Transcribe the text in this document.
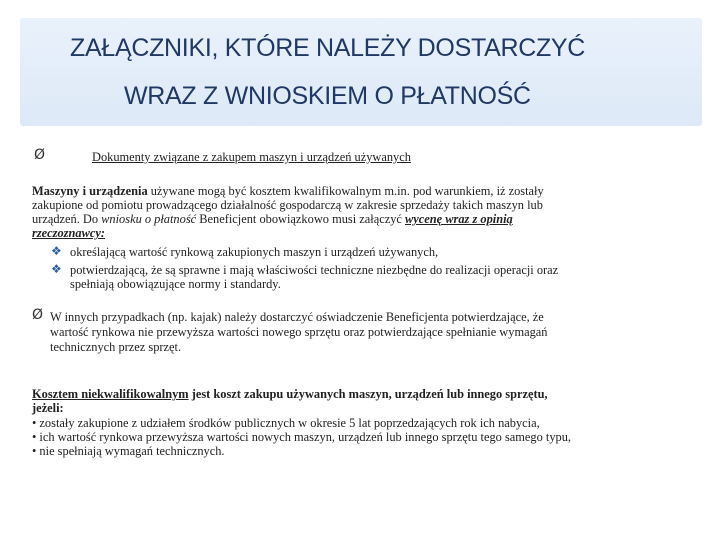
ZAŁĄCZNIKI, KTÓRE NALEŻY DOSTARCZYĆ
WRAZ Z WNIOSKIEM O PŁATNOŚĆ
Ø	Dokumenty związane z zakupem maszyn i urządzeń używanych
Maszyny i urządzenia używane mogą być kosztem kwalifikowalnym m.in. pod warunkiem, iż zostały
zakupione od pomiotu prowadzącego działalność gospodarczą w zakresie sprzedaży takich maszyn lub
urządzeń. Do wniosku o płatność Beneficjent obowiązkowo musi załączyć wycenę wraz z opinią
rzeczoznawcy:
❖ określającą wartość rynkową zakupionych maszyn i urządzeń używanych,
❖ potwierdzającą, że są sprawne i mają właściwości techniczne niezbędne do realizacji operacji oraz
spełniają obowiązujące normy i standardy.
Ø W innych przypadkach (np. kajak) należy dostarczyć oświadczenie Beneficjenta potwierdzające, że
wartość rynkowa nie przewyższa wartości nowego sprzętu oraz potwierdzające spełnianie wymagań
technicznych przez sprzęt.
Kosztem niekwalifikowalnym jest koszt zakupu używanych maszyn, urządzeń lub innego sprzętu,
jeżeli:
• zostały zakupione z udziałem środków publicznych w okresie 5 lat poprzedzających rok ich nabycia,
• ich wartość rynkowa przewyższa wartości nowych maszyn, urządzeń lub innego sprzętu tego samego typu,
• nie spełniają wymagań technicznych.
